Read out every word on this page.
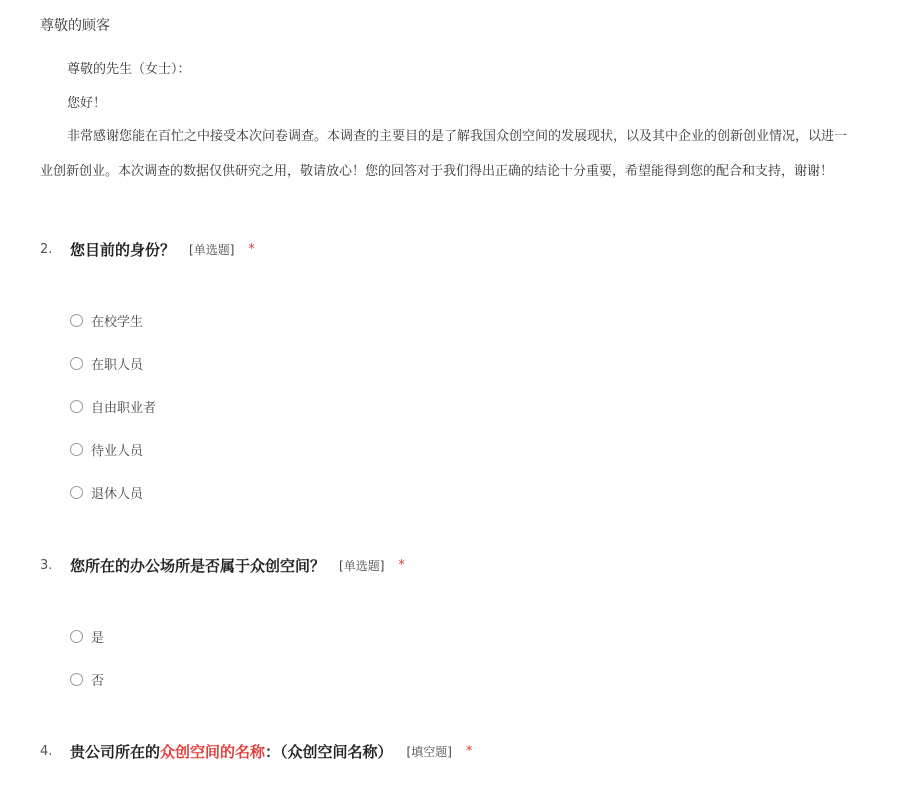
尊敬的顾客
尊敬的先生（女士）：
您好！
非常感谢您能在百忙之中接受本次问卷调查。本调查的主要目的是了解我国众创空间的发展现状，以及其中企业的创新创业情况，以进一
业创新创业。本次调查的数据仅供研究之用，敬请放心！您的回答对于我们得出正确的结论十分重要，希望能得到您的配合和支持，谢谢！
2.	您目前的身份？ [单选题] *
在校学生
在职人员
自由职业者
待业人员
退休人员
3.	您所在的办公场所是否属于众创空间？ [单选题] *
是
否
4.	贵公司所在的众创空间的名称：（众创空间名称） [填空题] *
